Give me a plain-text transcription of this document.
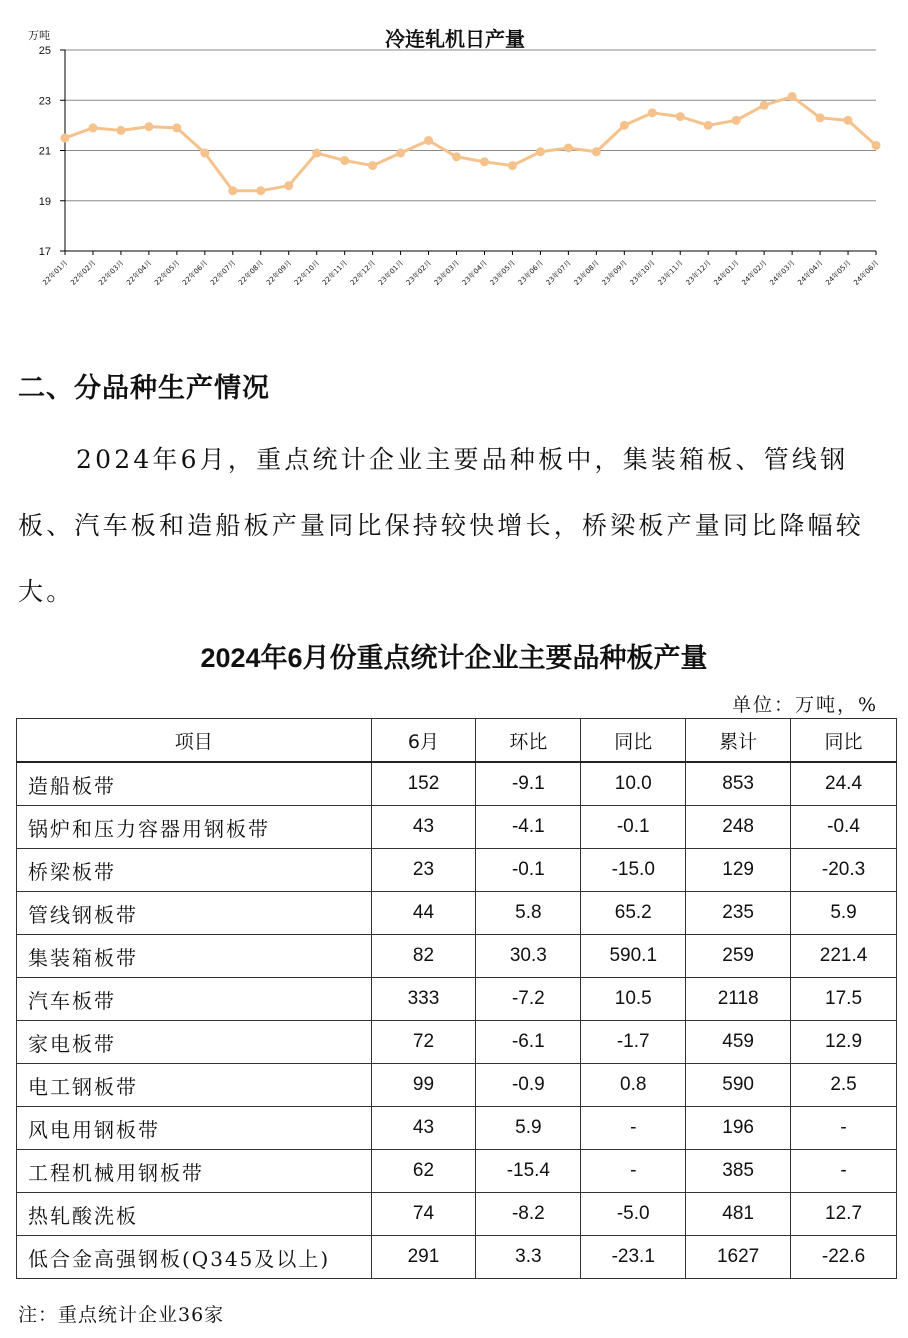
冷连轧机日产量
万吨
17
19
21
23
25
22年01月 22年02月 22年03月 22年04月 22年05月 22年06月 22年07月 22年08月 22年09月 22年10月 22年11月 22年12月 23年01月 23年02月 23年03月 23年04月 23年05月 23年06月 23年07月 23年08月 23年09月 23年10月 23年11月 23年12月 24年01月 24年02月 24年03月 24年04月 24年05月 24年06月
二、分品种生产情况

2024年6月，重点统计企业主要品种板中，集装箱板、管线钢板、汽车板和造船板产量同比保持较快增长，桥梁板产量同比降幅较大。

2024年6月份重点统计企业主要品种板产量
单位：万吨，%
项目	6月	环比	同比	累计	同比
造船板带	152	-9.1	10.0	853	24.4
锅炉和压力容器用钢板带	43	-4.1	-0.1	248	-0.4
桥梁板带	23	-0.1	-15.0	129	-20.3
管线钢板带	44	5.8	65.2	235	5.9
集装箱板带	82	30.3	590.1	259	221.4
汽车板带	333	-7.2	10.5	2118	17.5
家电板带	72	-6.1	-1.7	459	12.9
电工钢板带	99	-0.9	0.8	590	2.5
风电用钢板带	43	5.9	-	196	-
工程机械用钢板带	62	-15.4	-	385	-
热轧酸洗板	74	-8.2	-5.0	481	12.7
低合金高强钢板(Q345及以上)	291	3.3	-23.1	1627	-22.6
注：重点统计企业36家
